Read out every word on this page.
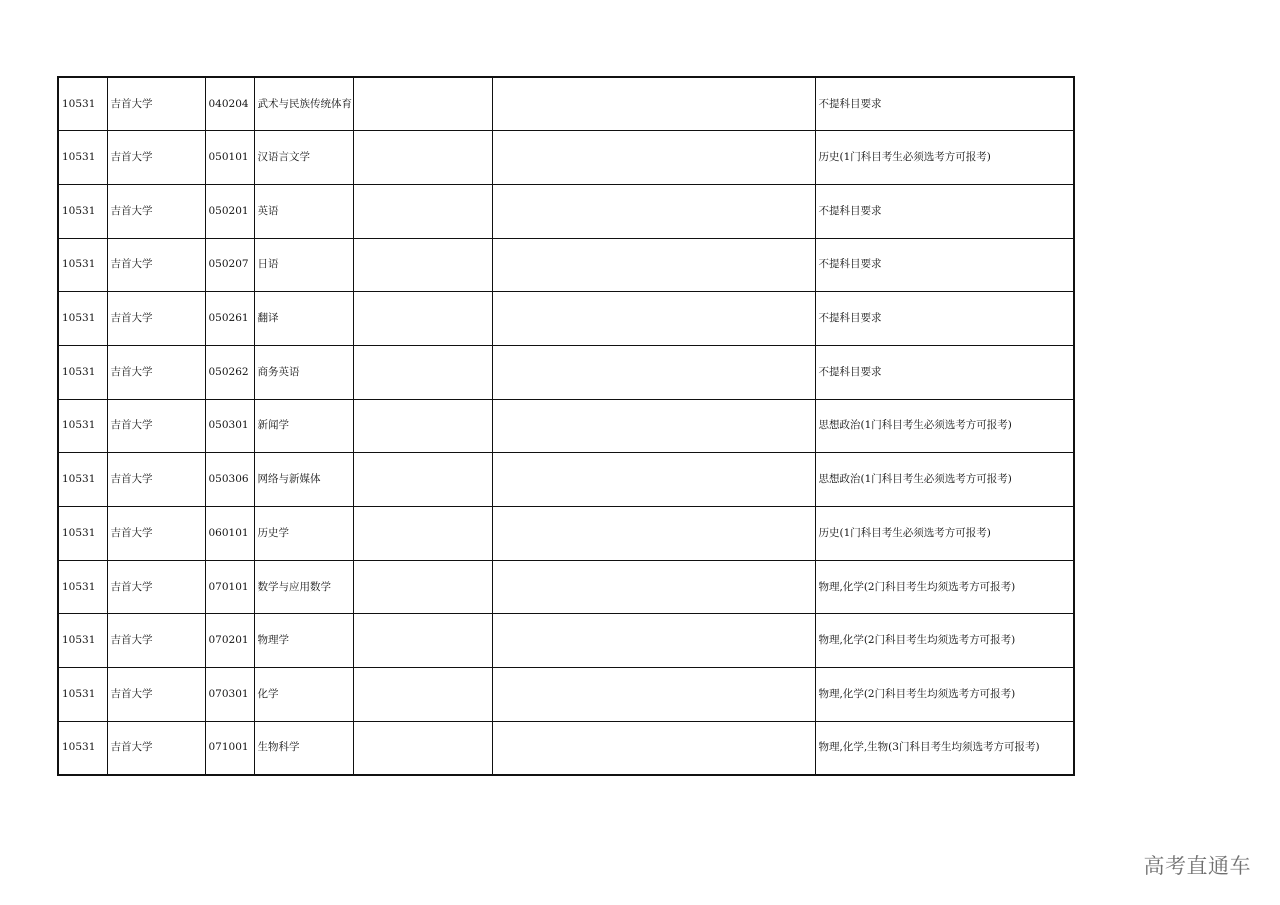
10531	吉首大学	040204	武术与民族传统体育			不提科目要求
10531	吉首大学	050101	汉语言文学			历史(1门科目考生必须选考方可报考)
10531	吉首大学	050201	英语			不提科目要求
10531	吉首大学	050207	日语			不提科目要求
10531	吉首大学	050261	翻译			不提科目要求
10531	吉首大学	050262	商务英语			不提科目要求
10531	吉首大学	050301	新闻学			思想政治(1门科目考生必须选考方可报考)
10531	吉首大学	050306	网络与新媒体			思想政治(1门科目考生必须选考方可报考)
10531	吉首大学	060101	历史学			历史(1门科目考生必须选考方可报考)
10531	吉首大学	070101	数学与应用数学			物理,化学(2门科目考生均须选考方可报考)
10531	吉首大学	070201	物理学			物理,化学(2门科目考生均须选考方可报考)
10531	吉首大学	070301	化学			物理,化学(2门科目考生均须选考方可报考)
10531	吉首大学	071001	生物科学			物理,化学,生物(3门科目考生均须选考方可报考)
高考直通车
